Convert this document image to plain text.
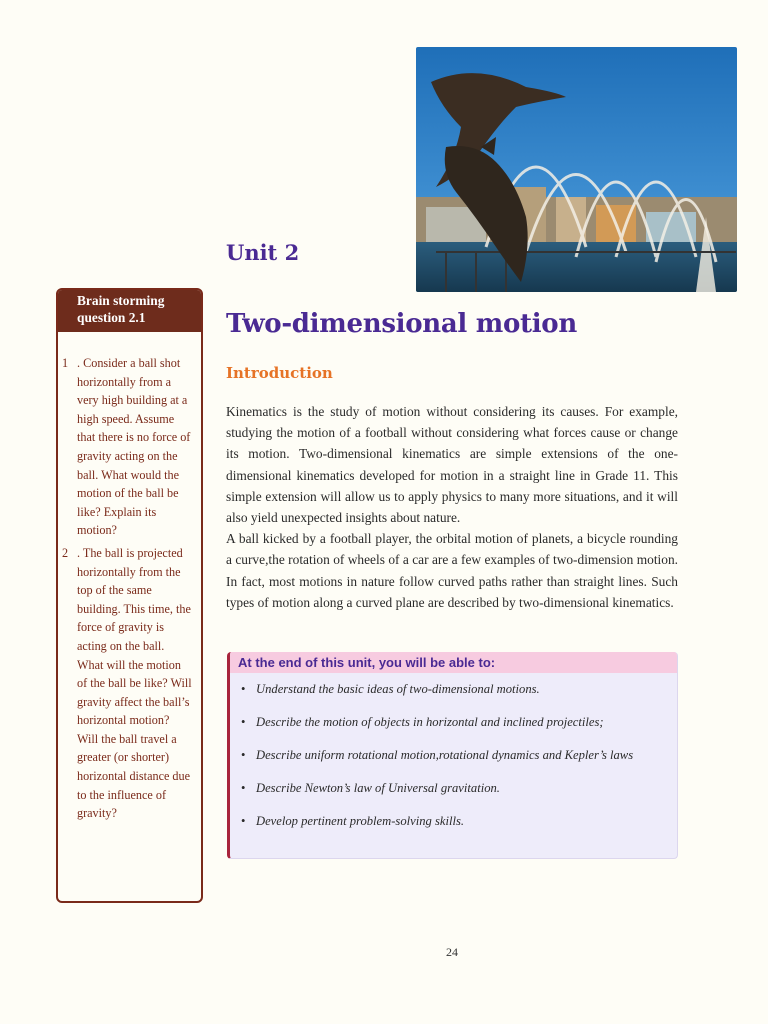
Unit 2
Two-dimensional motion
Introduction

Kinematics is the study of motion without considering its causes. For example, studying the motion of a football without considering what forces cause or change its motion. Two-dimensional kinematics are simple extensions of the one-dimensional kinematics developed for motion in a straight line in Grade 11. This simple extension will allow us to apply physics to many more situations, and it will also yield unexpected insights about nature.

A ball kicked by a football player, the orbital motion of planets, a bicycle rounding a curve,the rotation of wheels of a car are a few examples of two-dimension motion. In fact, most motions in nature follow curved paths rather than straight lines. Such types of motion along a curved plane are described by two-dimensional kinematics.

Brain storming question 2.1
1 . Consider a ball shot horizontally from a very high building at a high speed. Assume that there is no force of gravity acting on the ball. What would the motion of the ball be like? Explain its motion?
2 . The ball is projected horizontally from the top of the same building. This time, the force of gravity is acting on the ball. What will the motion of the ball be like? Will gravity affect the ball’s horizontal motion? Will the ball travel a greater (or shorter) horizontal distance due to the influence of gravity?
At the end of this unit, you will be able to:
• Understand the basic ideas of two-dimensional motions.
• Describe the motion of objects in horizontal and inclined projectiles;
• Describe uniform rotational motion,rotational dynamics and Kepler’s laws
• Describe Newton’s law of Universal gravitation.
• Develop pertinent problem-solving skills.
24
